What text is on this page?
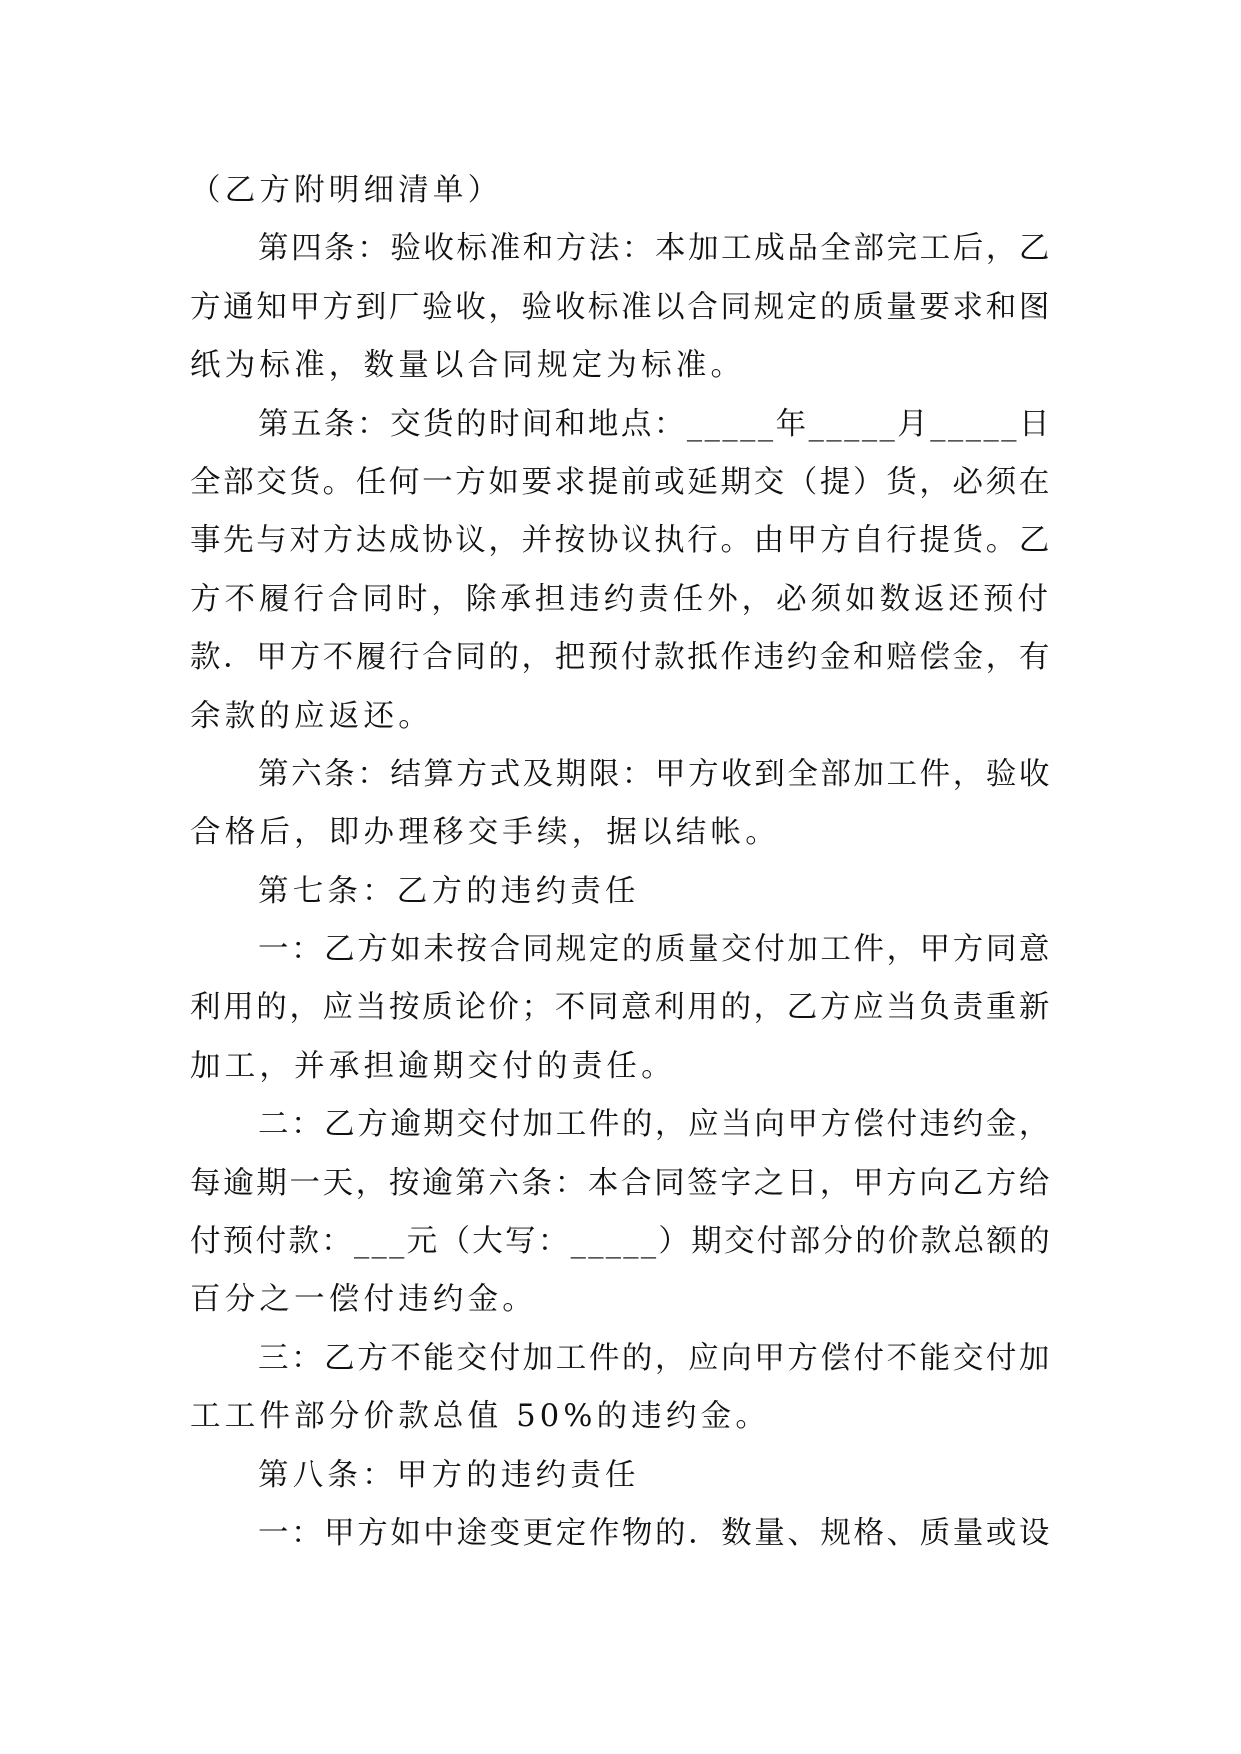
（乙方附明细清单）
第四条：验收标准和方法：本加工成品全部完工后，乙
方通知甲方到厂验收，验收标准以合同规定的质量要求和图
纸为标准，数量以合同规定为标准。
第五条：交货的时间和地点：_____年_____月_____日
全部交货。任何一方如要求提前或延期交（提）货，必须在
事先与对方达成协议，并按协议执行。由甲方自行提货。乙
方不履行合同时，除承担违约责任外，必须如数返还预付
款．甲方不履行合同的，把预付款抵作违约金和赔偿金，有
余款的应返还。
第六条：结算方式及期限：甲方收到全部加工件，验收
合格后，即办理移交手续，据以结帐。
第七条：乙方的违约责任
一：乙方如未按合同规定的质量交付加工件，甲方同意
利用的，应当按质论价；不同意利用的，乙方应当负责重新
加工，并承担逾期交付的责任。
二：乙方逾期交付加工件的，应当向甲方偿付违约金，
每逾期一天，按逾第六条：本合同签字之日，甲方向乙方给
付预付款：___元（大写：_____）期交付部分的价款总额的
百分之一偿付违约金。
三：乙方不能交付加工件的，应向甲方偿付不能交付加
工工件部分价款总值 50%的违约金。
第八条：甲方的违约责任
一：甲方如中途变更定作物的．数量、规格、质量或设
